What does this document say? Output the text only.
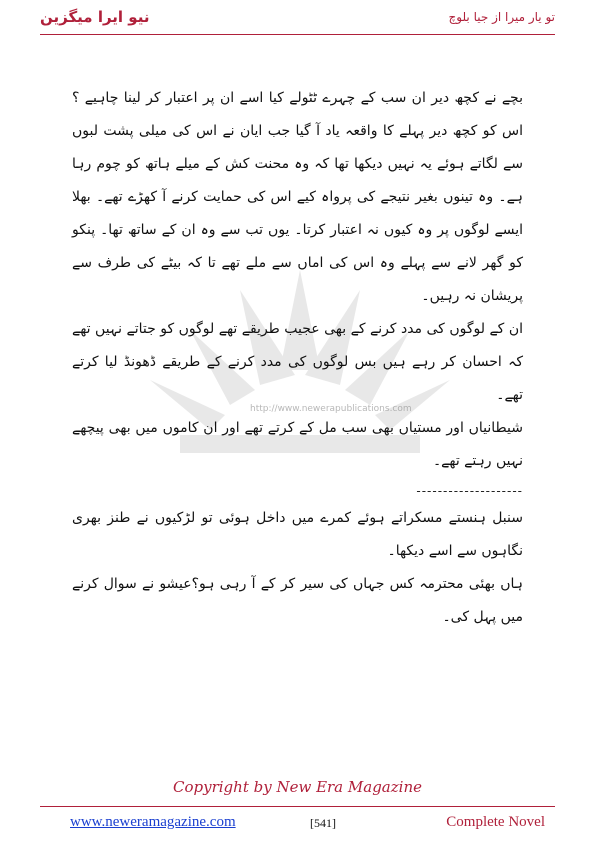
نیو ایرا میگزین	تو یار میرا از جیا بلوچ
http://www.newerapublications.com

بچے نے کچھ دیر ان سب کے چہرے ٹٹولے کیا اسے ان پر اعتبار کر لینا چاہیے ؟اس کو کچھ دیر پہلے کا واقعہ یاد آ گیا جب ایان نے اس کی میلی پشت لبوں سے لگاتے ہوئے یہ نہیں دیکھا تھا کہ وہ محنت کش کے میلے ہاتھ کو چوم رہا ہے۔ وہ تینوں بغیر نتیجے کی پرواہ کیے اس کی حمایت کرنے آ کھڑے تھے۔ بھلا ایسے لوگوں پر وہ کیوں نہ اعتبار کرتا۔ یوں تب سے وہ ان کے ساتھ تھا۔ پنکو کو گھر لانے سے پہلے وہ اس کی اماں سے ملے تھے تا کہ بیٹے کی طرف سے پریشان نہ رہیں۔

ان کے لوگوں کی مدد کرنے کے بھی عجیب طریقے تھے لوگوں کو جتاتے نہیں تھے کہ احسان کر رہے ہیں بس لوگوں کی مدد کرنے کے طریقے ڈھونڈ لیا کرتے تھے۔

شیطانیاں اور مستیاں بھی سب مل کے کرتے تھے اور ان کاموں میں بھی پیچھے نہیں رہتے تھے۔

--------------------

سنبل ہنستے مسکراتے ہوئے کمرے میں داخل ہوئی تو لڑکیوں نے طنز بھری نگاہوں سے اسے دیکھا۔

ہاں بھئی محترمہ کس جہاں کی سیر کر کے آ رہی ہو؟عیشو نے سوال کرنے میں پہل کی۔

Copyright by New Era Magazine
www.neweramagazine.com	[541]	Complete Novel
